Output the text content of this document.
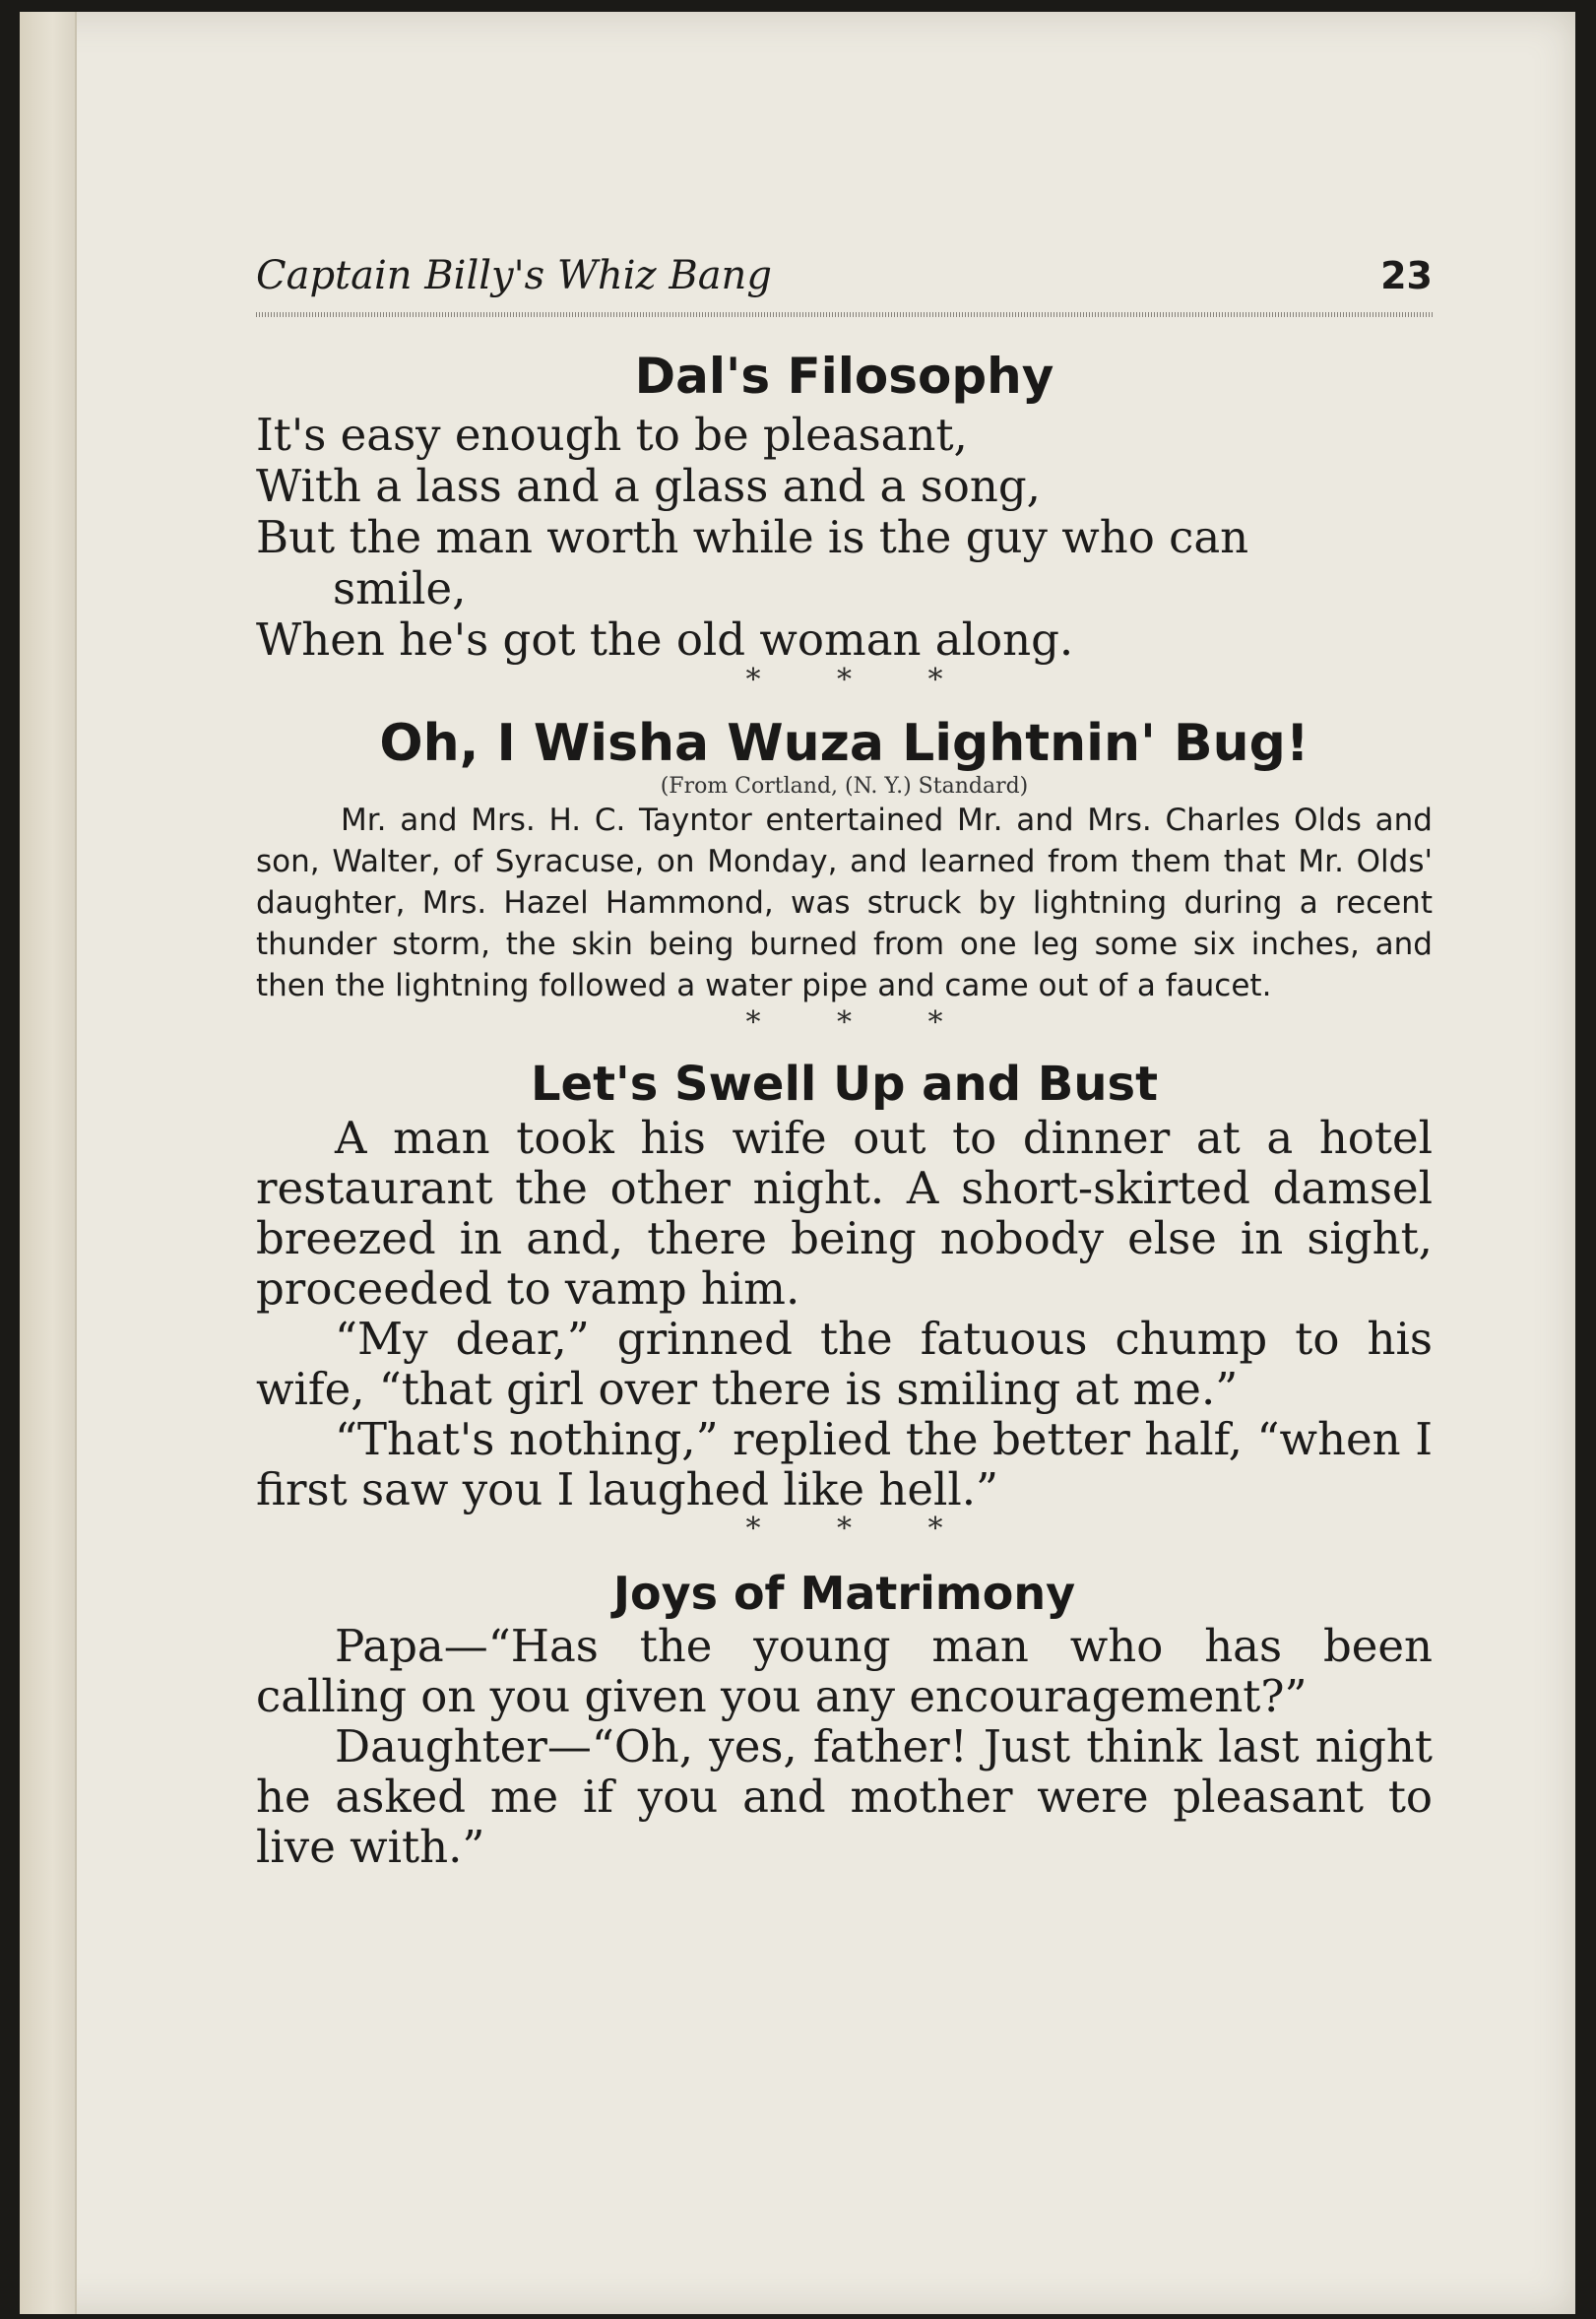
Captain Billy's Whiz Bang	23
Dal's Filosophy
It's easy enough to be pleasant,
With a lass and a glass and a song,
But the man worth while is the guy who can
smile,
When he's got the old woman along.
* * *
Oh, I Wisha Wuza Lightnin' Bug!
(From Cortland, (N. Y.) Standard)

Mr. and Mrs. H. C. Tayntor entertained Mr. and Mrs. Charles Olds and son, Walter, of Syracuse, on Monday, and learned from them that Mr. Olds' daughter, Mrs. Hazel Hammond, was struck by lightning during a recent thunder storm, the skin being burned from one leg some six inches, and then the lightning followed a water pipe and came out of a faucet.

* * *
Let's Swell Up and Bust

A man took his wife out to dinner at a hotel restaurant the other night. A short-skirted damsel breezed in and, there being nobody else in sight, proceeded to vamp him.

“My dear,” grinned the fatuous chump to his wife, “that girl over there is smiling at me.”

“That's nothing,” replied the better half, “when I first saw you I laughed like hell.”

* * *
Joys of Matrimony

Papa—“Has the young man who has been calling on you given you any encouragement?”

Daughter—“Oh, yes, father! Just think last night he asked me if you and mother were pleasant to live with.”
